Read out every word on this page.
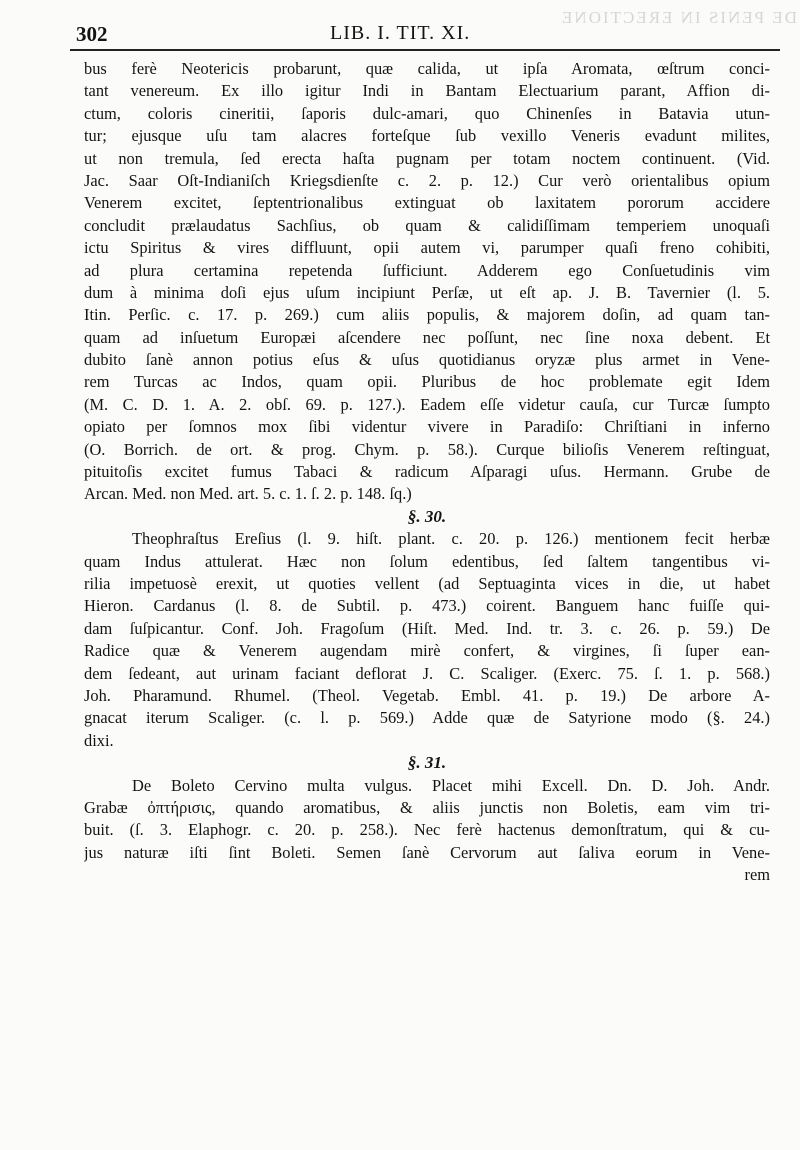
DE PENIS IN ERECTIONE
302	LIB. I. TIT. XI.
bus ferè Neotericis probarunt, quæ calida, ut ipſa Aromata, œſtrum conci-
tant venereum. Ex illo igitur Indi in Bantam Electuarium parant, Affion di-
ctum, coloris cineritii, ſaporis dulc-amari, quo Chinenſes in Batavia utun-
tur; ejusque uſu tam alacres forteſque ſub vexillo Veneris evadunt milites,
ut non tremula, ſed erecta haſta pugnam per totam noctem continuent. (Vid.
Jac. Saar Oſt-Indianiſch Kriegsdienſte c. 2. p. 12.) Cur verò orientalibus opium
Venerem excitet, ſeptentrionalibus extinguat ob laxitatem pororum accidere
concludit prælaudatus Sachſius, ob quam & calidiſſimam temperiem unoquaſi
ictu Spiritus & vires diffluunt, opii autem vi, parumper quaſi freno cohibiti,
ad plura certamina repetenda ſufficiunt. Adderem ego Conſuetudinis vim
dum à minima doſi ejus uſum incipiunt Perſæ, ut eſt ap. J. B. Tavernier (l. 5.
Itin. Perſic. c. 17. p. 269.) cum aliis populis, & majorem doſin, ad quam tan-
quam ad inſuetum Europæi aſcendere nec poſſunt, nec ſine noxa debent. Et
dubito ſanè annon potius eſus & uſus quotidianus oryzæ plus armet in Vene-
rem Turcas ac Indos, quam opii. Pluribus de hoc problemate egit Idem
(M. C. D. 1. A. 2. obſ. 69. p. 127.). Eadem eſſe videtur cauſa, cur Turcæ ſumpto
opiato per ſomnos mox ſibi videntur vivere in Paradiſo: Chriſtiani in inferno
(O. Borrich. de ort. & prog. Chym. p. 58.). Curque bilioſis Venerem reſtinguat,
pituitoſis excitet fumus Tabaci & radicum Aſparagi uſus. Hermann. Grube de
Arcan. Med. non Med. art. 5. c. 1. ſ. 2. p. 148. ſq.)
§. 30.
Theophraſtus Ereſius (l. 9. hiſt. plant. c. 20. p. 126.) mentionem fecit herbæ
quam Indus attulerat. Hæc non ſolum edentibus, ſed ſaltem tangentibus vi-
rilia impetuosè erexit, ut quoties vellent (ad Septuaginta vices in die, ut habet
Hieron. Cardanus (l. 8. de Subtil. p. 473.) coirent. Banguem hanc fuiſſe qui-
dam ſuſpicantur. Conf. Joh. Fragoſum (Hiſt. Med. Ind. tr. 3. c. 26. p. 59.) De
Radice quæ & Venerem augendam mirè confert, & virgines, ſi ſuper ean-
dem ſedeant, aut urinam faciant deflorat J. C. Scaliger. (Exerc. 75. ſ. 1. p. 568.)
Joh. Pharamund. Rhumel. (Theol. Vegetab. Embl. 41. p. 19.) De arbore A-
gnacat iterum Scaliger. (c. l. p. 569.) Adde quæ de Satyrione modo (§. 24.)
dixi.
§. 31.
De Boleto Cervino multa vulgus. Placet mihi Excell. Dn. D. Joh. Andr.
Grabæ ὀπτήρισις, quando aromatibus, & aliis junctis non Boletis, eam vim tri-
buit. (ſ. 3. Elaphogr. c. 20. p. 258.). Nec ferè hactenus demonſtratum, qui & cu-
jus naturæ iſti ſint Boleti. Semen ſanè Cervorum aut ſaliva eorum in Vene-
rem
